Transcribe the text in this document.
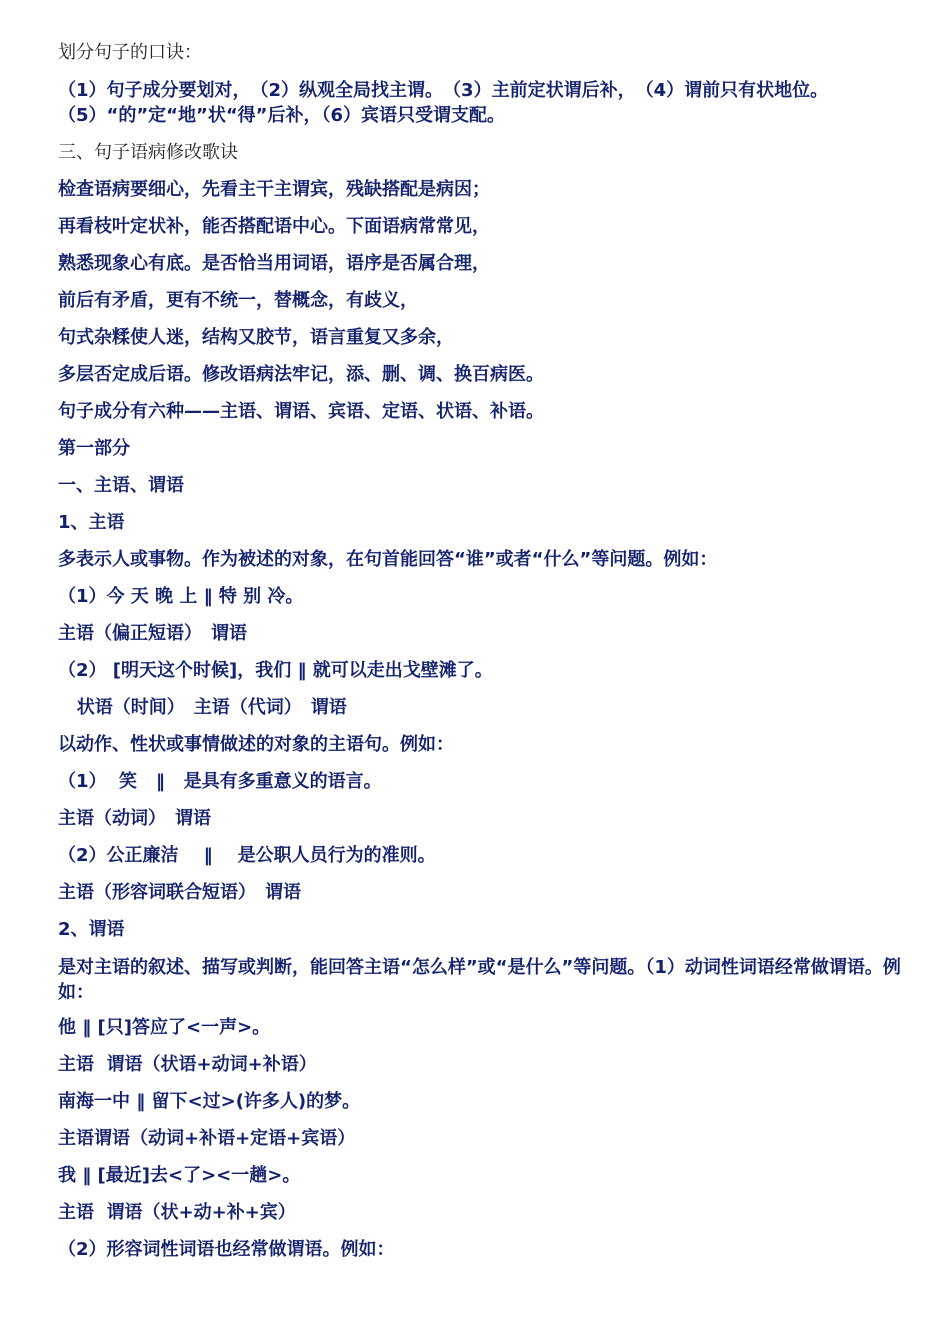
划分句子的口诀：
（1）句子成分要划对，　（2）纵观全局找主谓。　（3）主前定状谓后补，　（4）谓前只有状地位。（5）“的”定“地”状“得”后补，（6）宾语只受谓支配。
三、句子语病修改歌诀
检查语病要细心，先看主干主谓宾，残缺搭配是病因；
再看枝叶定状补，能否搭配语中心。下面语病常常见，
熟悉现象心有底。是否恰当用词语，语序是否属合理，
前后有矛盾，更有不统一，替概念，有歧义，
句式杂糅使人迷，结构又胶节，语言重复又多余，
多层否定成后语。修改语病法牢记，添、删、调、换百病医。
句子成分有六种——主语、谓语、宾语、定语、状语、补语。
第一部分
一、主语、谓语
1、主语
多表示人或事物。作为被述的对象，在句首能回答“谁”或者“什么”等问题。例如：
（1）今 天 晚 上 ‖ 特 别 冷。
主语（偏正短语）　谓语
（2） [明天这个时候]，我们 ‖ 就可以走出戈壁滩了。
状语（时间）　主语（代词）　谓语
以动作、性状或事情做述的对象的主语句。例如：
（1）  笑   ‖   是具有多重意义的语言。
主语（动词）　谓语
（2）公正廉洁    ‖    是公职人员行为的准则。
主语（形容词联合短语）　谓语
2、谓语
是对主语的叙述、描写或判断，能回答主语“怎么样”或“是什么”等问题。（1）动词性词语经常做谓语。例如：
他 ‖ [只]答应了<一声>。
主语  谓语（状语+动词+补语）
南海一中 ‖ 留下<过>(许多人)的梦。
主语谓语（动词+补语+定语+宾语）
我 ‖ [最近]去<了><一趟>。
主语  谓语（状+动+补+宾）
（2）形容词性词语也经常做谓语。例如：
